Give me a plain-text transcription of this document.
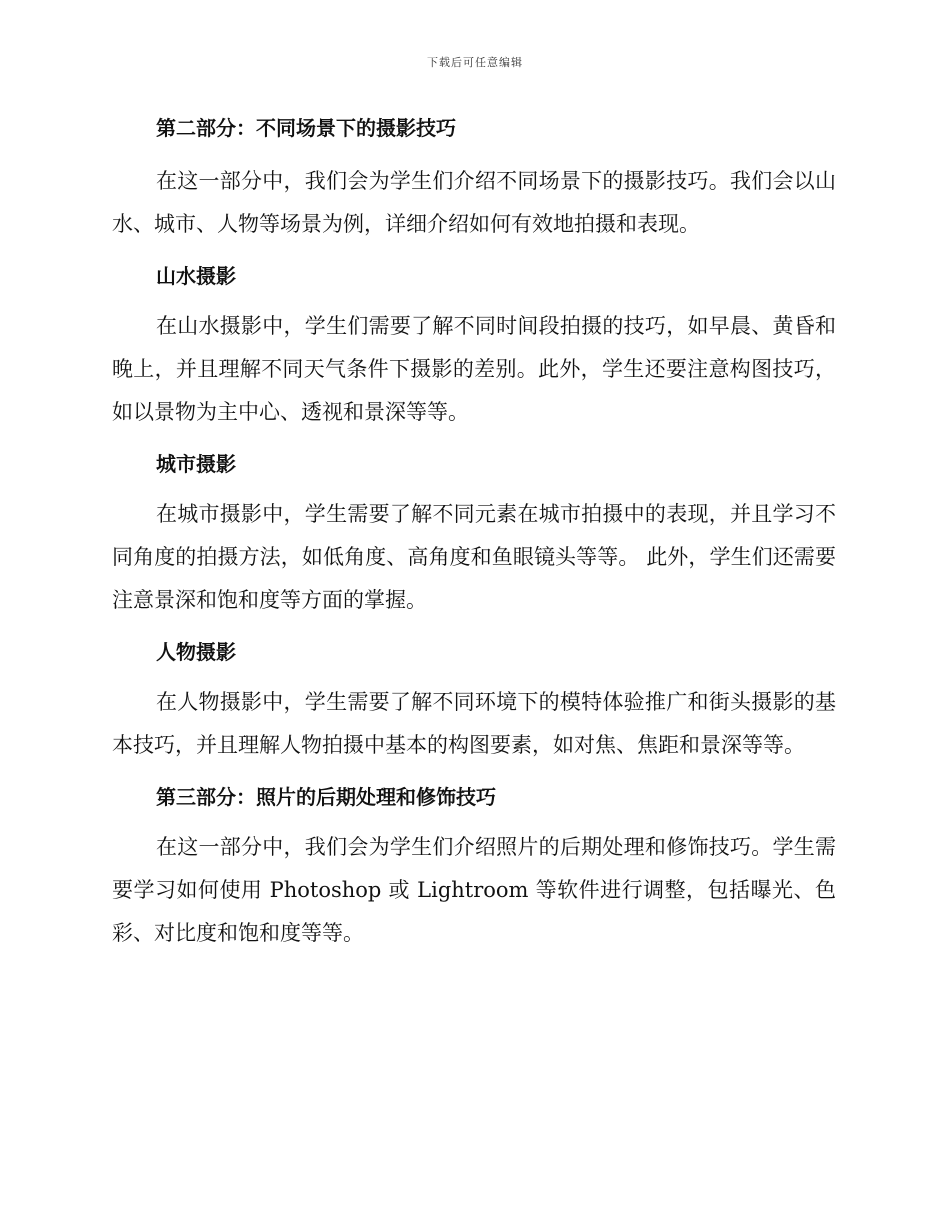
下载后可任意编辑
第二部分：不同场景下的摄影技巧

在这一部分中，我们会为学生们介绍不同场景下的摄影技巧。我们会以山水、城市、人物等场景为例，详细介绍如何有效地拍摄和表现。

山水摄影

在山水摄影中，学生们需要了解不同时间段拍摄的技巧，如早晨、黄昏和晚上，并且理解不同天气条件下摄影的差别。此外，学生还要注意构图技巧，如以景物为主中心、透视和景深等等。

城市摄影

在城市摄影中，学生需要了解不同元素在城市拍摄中的表现，并且学习不同角度的拍摄方法，如低角度、高角度和鱼眼镜头等等。 此外，学生们还需要注意景深和饱和度等方面的掌握。

人物摄影

在人物摄影中，学生需要了解不同环境下的模特体验推广和街头摄影的基本技巧，并且理解人物拍摄中基本的构图要素，如对焦、焦距和景深等等。

第三部分：照片的后期处理和修饰技巧

在这一部分中，我们会为学生们介绍照片的后期处理和修饰技巧。学生需要学习如何使用 Photoshop 或 Lightroom 等软件进行调整，包括曝光、色彩、对比度和饱和度等等。
